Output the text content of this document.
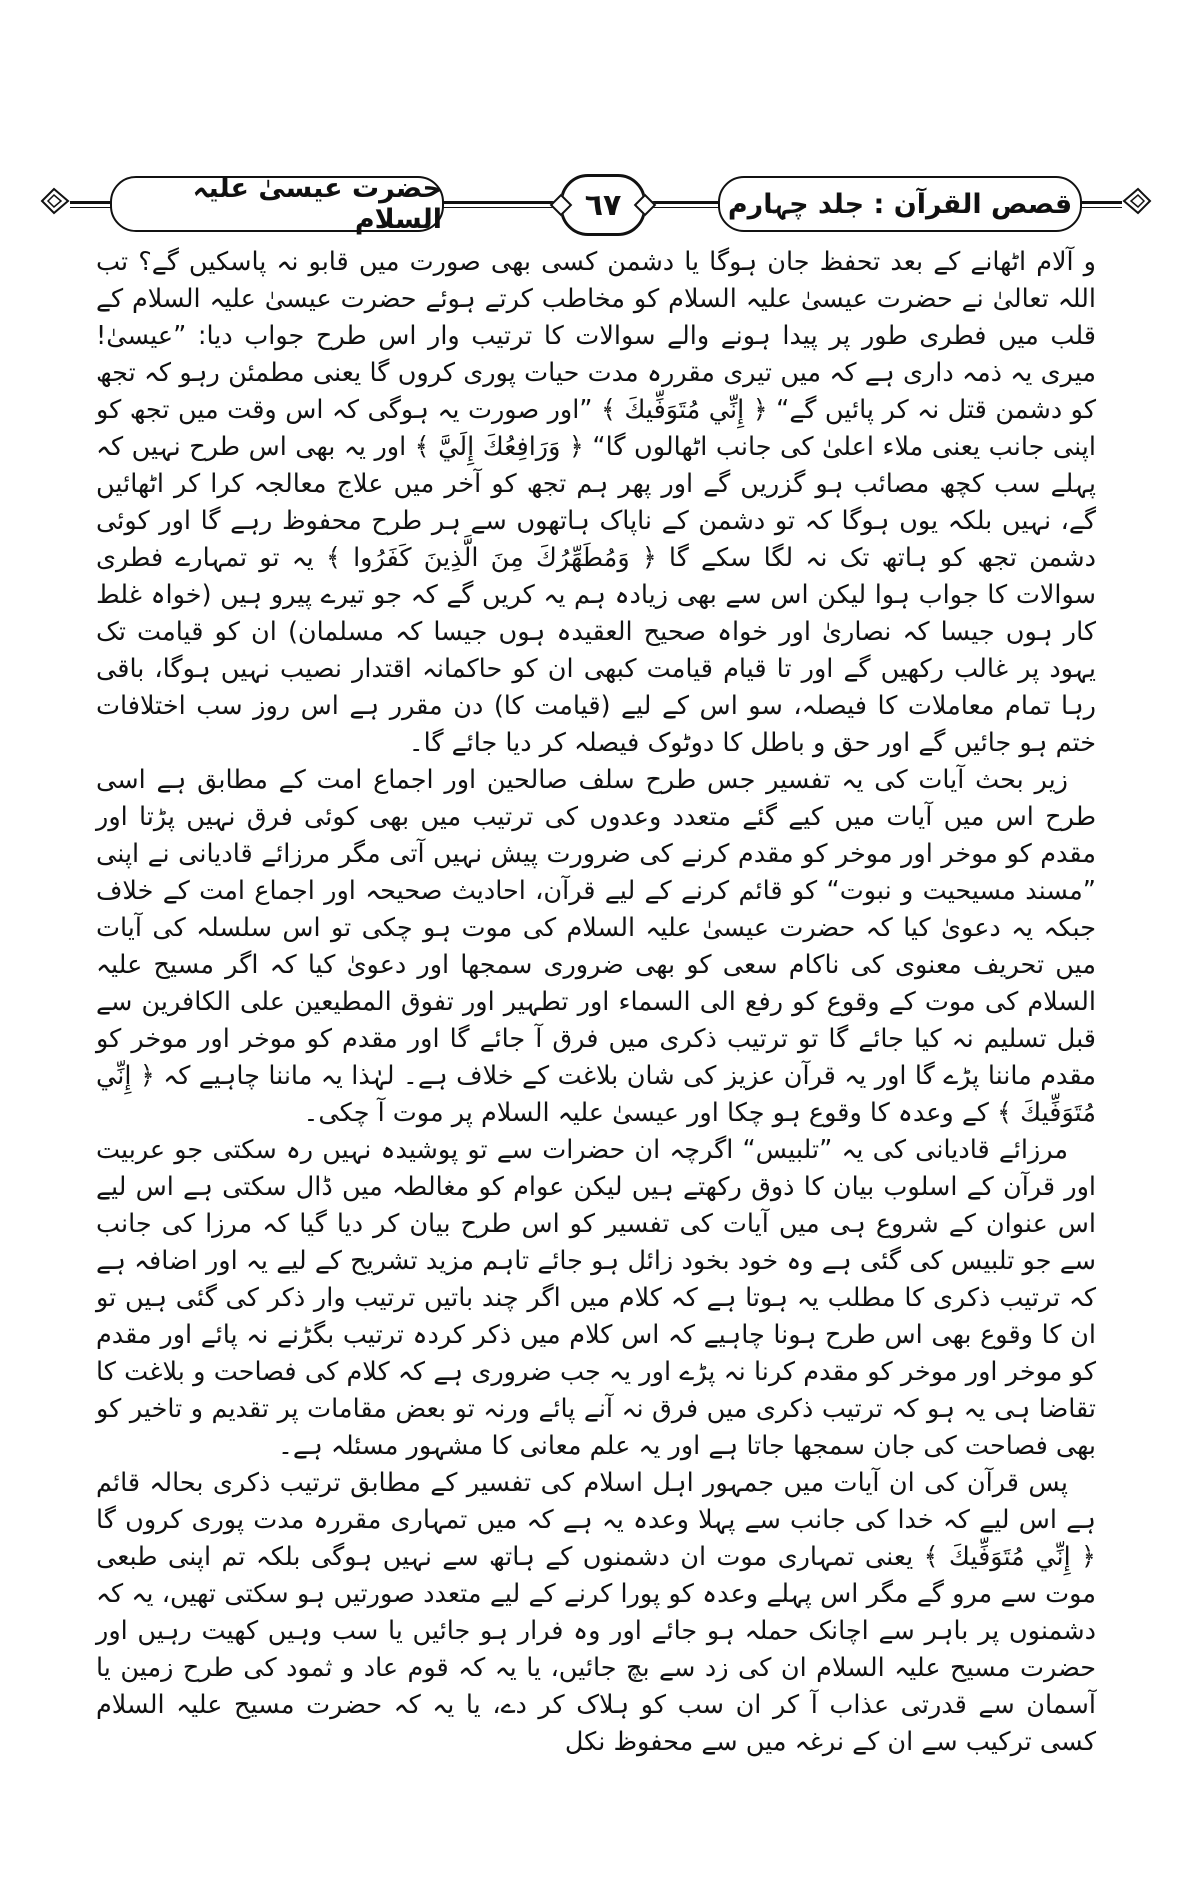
حضرت عیسیٰ علیہ السلام	٦٧	قصص القرآن : جلد چہارم

و آلام اٹھانے کے بعد تحفظ جان ہوگا یا دشمن کسی بھی صورت میں قابو نہ پاسکیں گے؟ تب اللہ تعالیٰ نے حضرت عیسیٰ علیہ السلام کو مخاطب کرتے ہوئے حضرت عیسیٰ علیہ السلام کے قلب میں فطری طور پر پیدا ہونے والے سوالات کا ترتیب وار اس طرح جواب دیا: ”عیسیٰ! میری یہ ذمہ داری ہے کہ میں تیری مقررہ مدت حیات پوری کروں گا یعنی مطمئن رہو کہ تجھ کو دشمن قتل نہ کر پائیں گے“ ﴿ إِنِّي مُتَوَفِّيكَ ﴾ ”اور صورت یہ ہوگی کہ اس وقت میں تجھ کو اپنی جانب یعنی ملاء اعلیٰ کی جانب اٹھالوں گا“ ﴿ وَرَافِعُكَ إِلَيَّ ﴾ اور یہ بھی اس طرح نہیں کہ پہلے سب کچھ مصائب ہو گزریں گے اور پھر ہم تجھ کو آخر میں علاج معالجہ کرا کر اٹھائیں گے، نہیں بلکہ یوں ہوگا کہ تو دشمن کے ناپاک ہاتھوں سے ہر طرح محفوظ رہے گا اور کوئی دشمن تجھ کو ہاتھ تک نہ لگا سکے گا ﴿ وَمُطَهِّرُكَ مِنَ الَّذِينَ كَفَرُوا ﴾ یہ تو تمہارے فطری سوالات کا جواب ہوا لیکن اس سے بھی زیادہ ہم یہ کریں گے کہ جو تیرے پیرو ہیں (خواہ غلط کار ہوں جیسا کہ نصاریٰ اور خواہ صحیح العقیدہ ہوں جیسا کہ مسلمان) ان کو قیامت تک یہود پر غالب رکھیں گے اور تا قیام قیامت کبھی ان کو حاکمانہ اقتدار نصیب نہیں ہوگا، باقی رہا تمام معاملات کا فیصلہ، سو اس کے لیے (قیامت کا) دن مقرر ہے اس روز سب اختلافات ختم ہو جائیں گے اور حق و باطل کا دوٹوک فیصلہ کر دیا جائے گا۔

زیر بحث آیات کی یہ تفسیر جس طرح سلف صالحین اور اجماع امت کے مطابق ہے اسی طرح اس میں آیات میں کیے گئے متعدد وعدوں کی ترتیب میں بھی کوئی فرق نہیں پڑتا اور مقدم کو موخر اور موخر کو مقدم کرنے کی ضرورت پیش نہیں آتی مگر مرزائے قادیانی نے اپنی ”مسند مسیحیت و نبوت“ کو قائم کرنے کے لیے قرآن، احادیث صحیحہ اور اجماع امت کے خلاف جبکہ یہ دعویٰ کیا کہ حضرت عیسیٰ علیہ السلام کی موت ہو چکی تو اس سلسلہ کی آیات میں تحریف معنوی کی ناکام سعی کو بھی ضروری سمجھا اور دعویٰ کیا کہ اگر مسیح علیہ السلام کی موت کے وقوع کو رفع الی السماء اور تطہیر اور تفوق المطیعین علی الکافرین سے قبل تسلیم نہ کیا جائے گا تو ترتیب ذکری میں فرق آ جائے گا اور مقدم کو موخر اور موخر کو مقدم ماننا پڑے گا اور یہ قرآن عزیز کی شان بلاغت کے خلاف ہے۔ لہٰذا یہ ماننا چاہیے کہ ﴿ إِنِّي مُتَوَفِّيكَ ﴾ کے وعدہ کا وقوع ہو چکا اور عیسیٰ علیہ السلام پر موت آ چکی۔

مرزائے قادیانی کی یہ ”تلبیس“ اگرچہ ان حضرات سے تو پوشیدہ نہیں رہ سکتی جو عربیت اور قرآن کے اسلوب بیان کا ذوق رکھتے ہیں لیکن عوام کو مغالطہ میں ڈال سکتی ہے اس لیے اس عنوان کے شروع ہی میں آیات کی تفسیر کو اس طرح بیان کر دیا گیا کہ مرزا کی جانب سے جو تلبیس کی گئی ہے وہ خود بخود زائل ہو جائے تاہم مزید تشریح کے لیے یہ اور اضافہ ہے کہ ترتیب ذکری کا مطلب یہ ہوتا ہے کہ کلام میں اگر چند باتیں ترتیب وار ذکر کی گئی ہیں تو ان کا وقوع بھی اس طرح ہونا چاہیے کہ اس کلام میں ذکر کردہ ترتیب بگڑنے نہ پائے اور مقدم کو موخر اور موخر کو مقدم کرنا نہ پڑے اور یہ جب ضروری ہے کہ کلام کی فصاحت و بلاغت کا تقاضا ہی یہ ہو کہ ترتیب ذکری میں فرق نہ آنے پائے ورنہ تو بعض مقامات پر تقدیم و تاخیر کو بھی فصاحت کی جان سمجھا جاتا ہے اور یہ علم معانی کا مشہور مسئلہ ہے۔

پس قرآن کی ان آیات میں جمہور اہل اسلام کی تفسیر کے مطابق ترتیب ذکری بحالہ قائم ہے اس لیے کہ خدا کی جانب سے پہلا وعدہ یہ ہے کہ میں تمہاری مقررہ مدت پوری کروں گا ﴿ إِنِّي مُتَوَفِّيكَ ﴾ یعنی تمہاری موت ان دشمنوں کے ہاتھ سے نہیں ہوگی بلکہ تم اپنی طبعی موت سے مرو گے مگر اس پہلے وعدہ کو پورا کرنے کے لیے متعدد صورتیں ہو سکتی تھیں، یہ کہ دشمنوں پر باہر سے اچانک حملہ ہو جائے اور وہ فرار ہو جائیں یا سب وہیں کھیت رہیں اور حضرت مسیح علیہ السلام ان کی زد سے بچ جائیں، یا یہ کہ قوم عاد و ثمود کی طرح زمین یا آسمان سے قدرتی عذاب آ کر ان سب کو ہلاک کر دے، یا یہ کہ حضرت مسیح علیہ السلام کسی ترکیب سے ان کے نرغہ میں سے محفوظ نکل
